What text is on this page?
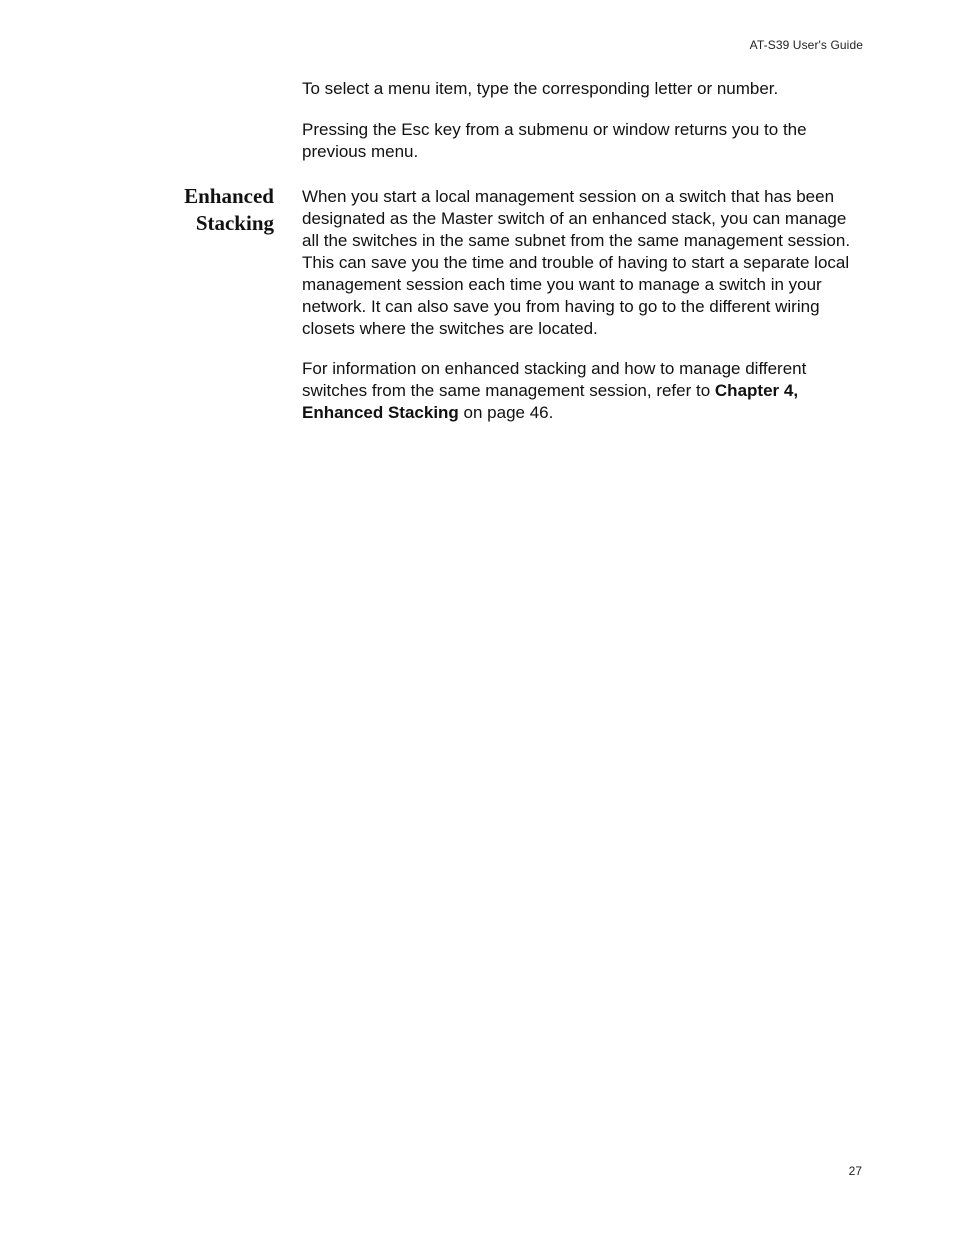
AT-S39 User's Guide

To select a menu item, type the corresponding letter or number.

Pressing the Esc key from a submenu or window returns you to the previous menu.

Enhanced
Stacking

When you start a local management session on a switch that has been designated as the Master switch of an enhanced stack, you can manage all the switches in the same subnet from the same management session. This can save you the time and trouble of having to start a separate local management session each time you want to manage a switch in your network. It can also save you from having to go to the different wiring closets where the switches are located.

For information on enhanced stacking and how to manage different switches from the same management session, refer to Chapter 4, Enhanced Stacking on page 46.

27
